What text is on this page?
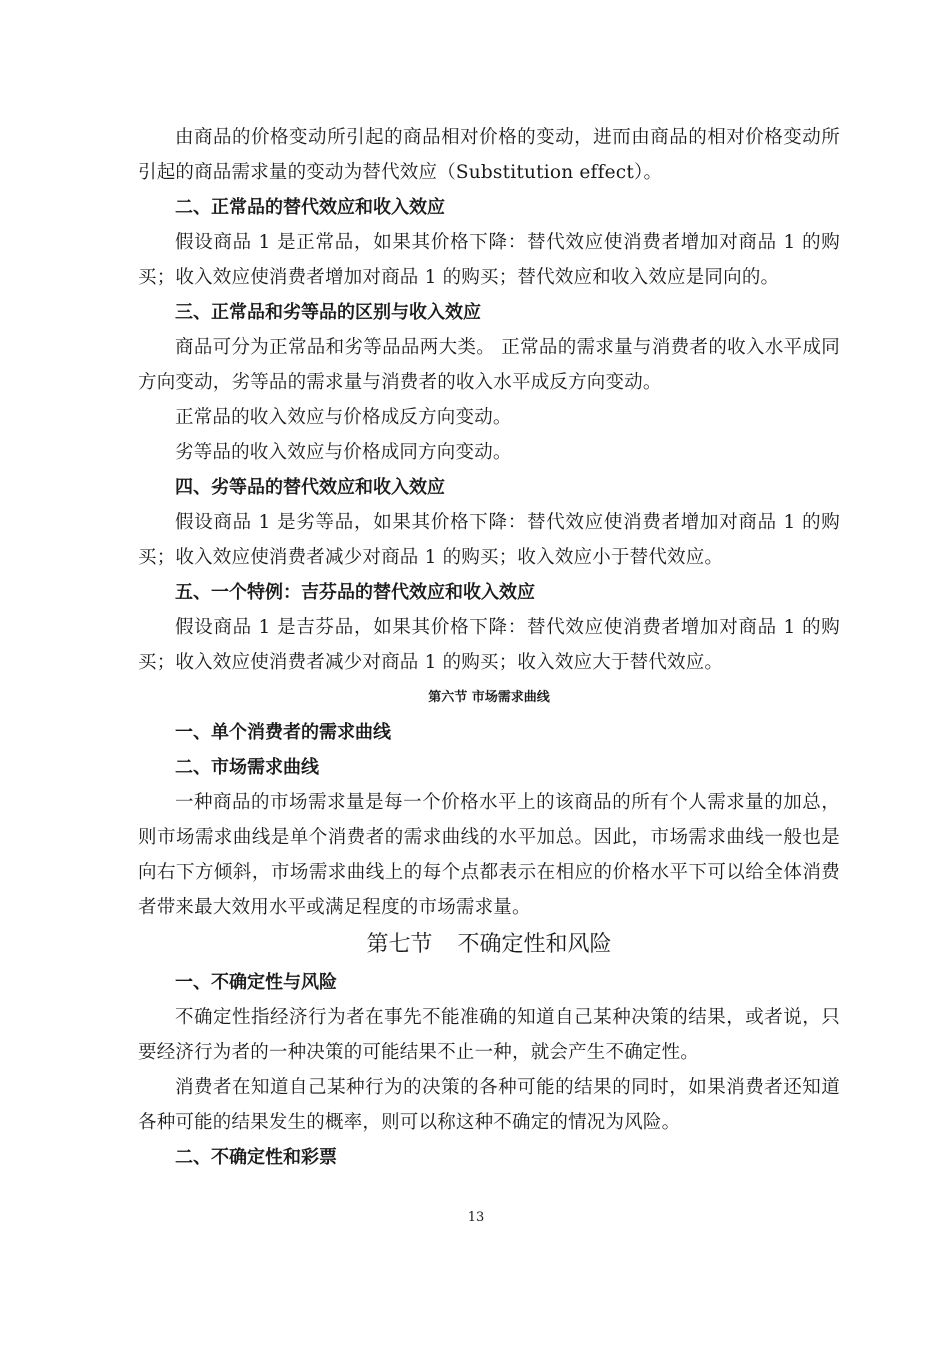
由商品的价格变动所引起的商品相对价格的变动，进而由商品的相对价格变动所引起的商品需求量的变动为替代效应（Substitution effect）。

二、正常品的替代效应和收入效应

假设商品 1 是正常品，如果其价格下降：替代效应使消费者增加对商品 1 的购买；收入效应使消费者增加对商品 1 的购买；替代效应和收入效应是同向的。

三、正常品和劣等品的区别与收入效应

商品可分为正常品和劣等品品两大类。 正常品的需求量与消费者的收入水平成同方向变动，劣等品的需求量与消费者的收入水平成反方向变动。

正常品的收入效应与价格成反方向变动。

劣等品的收入效应与价格成同方向变动。

四、劣等品的替代效应和收入效应

假设商品 1 是劣等品，如果其价格下降：替代效应使消费者增加对商品 1 的购买；收入效应使消费者减少对商品 1 的购买；收入效应小于替代效应。

五、一个特例：吉芬品的替代效应和收入效应

假设商品 1 是吉芬品，如果其价格下降：替代效应使消费者增加对商品 1 的购买；收入效应使消费者减少对商品 1 的购买；收入效应大于替代效应。

第六节 市场需求曲线

一、单个消费者的需求曲线

二、市场需求曲线

一种商品的市场需求量是每一个价格水平上的该商品的所有个人需求量的加总，则市场需求曲线是单个消费者的需求曲线的水平加总。因此，市场需求曲线一般也是向右下方倾斜，市场需求曲线上的每个点都表示在相应的价格水平下可以给全体消费者带来最大效用水平或满足程度的市场需求量。

第七节 不确定性和风险

一、不确定性与风险

不确定性指经济行为者在事先不能准确的知道自己某种决策的结果，或者说，只要经济行为者的一种决策的可能结果不止一种，就会产生不确定性。

消费者在知道自己某种行为的决策的各种可能的结果的同时，如果消费者还知道各种可能的结果发生的概率，则可以称这种不确定的情况为风险。

二、不确定性和彩票

13
